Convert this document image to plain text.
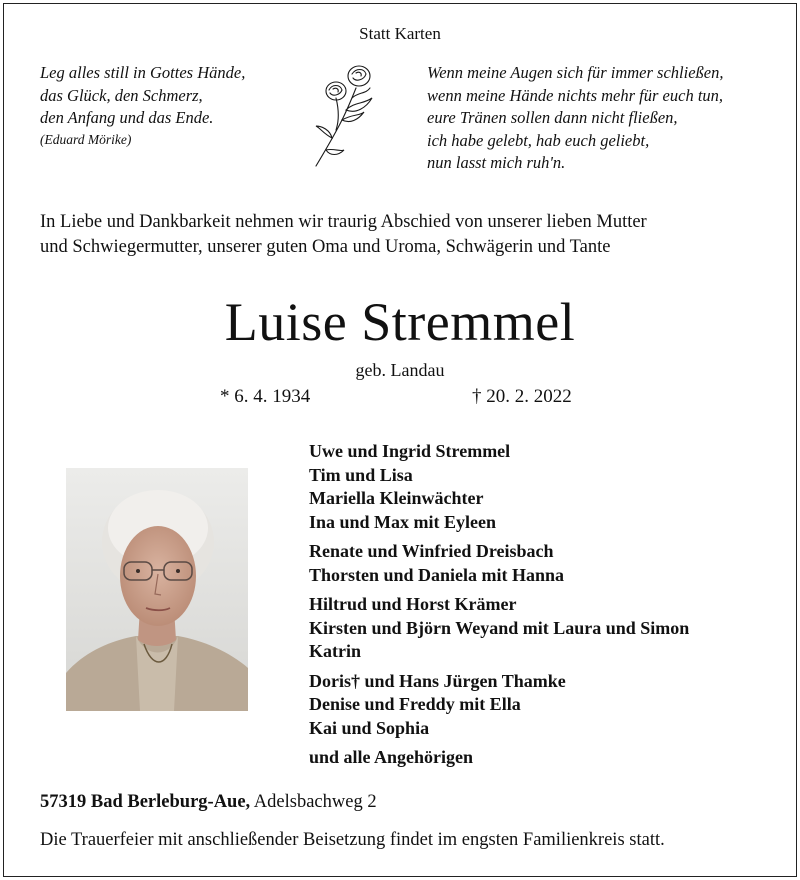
Statt Karten
Leg alles still in Gottes Hände,
das Glück, den Schmerz,
den Anfang und das Ende.
(Eduard Mörike)
Wenn meine Augen sich für immer schließen,
wenn meine Hände nichts mehr für euch tun,
eure Tränen sollen dann nicht fließen,
ich habe gelebt, hab euch geliebt,
nun lasst mich ruh'n.
In Liebe und Dankbarkeit nehmen wir traurig Abschied von unserer lieben Mutter
und Schwiegermutter, unserer guten Oma und Uroma, Schwägerin und Tante
Luise Stremmel
geb. Landau
* 6. 4. 1934	† 20. 2. 2022
Uwe und Ingrid Stremmel
Tim und Lisa
Mariella Kleinwächter
Ina und Max mit Eyleen
Renate und Winfried Dreisbach
Thorsten und Daniela mit Hanna
Hiltrud und Horst Krämer
Kirsten und Björn Weyand mit Laura und Simon
Katrin
Doris† und Hans Jürgen Thamke
Denise und Freddy mit Ella
Kai und Sophia
und alle Angehörigen
57319 Bad Berleburg-Aue, Adelsbachweg 2
Die Trauerfeier mit anschließender Beisetzung findet im engsten Familienkreis statt.
